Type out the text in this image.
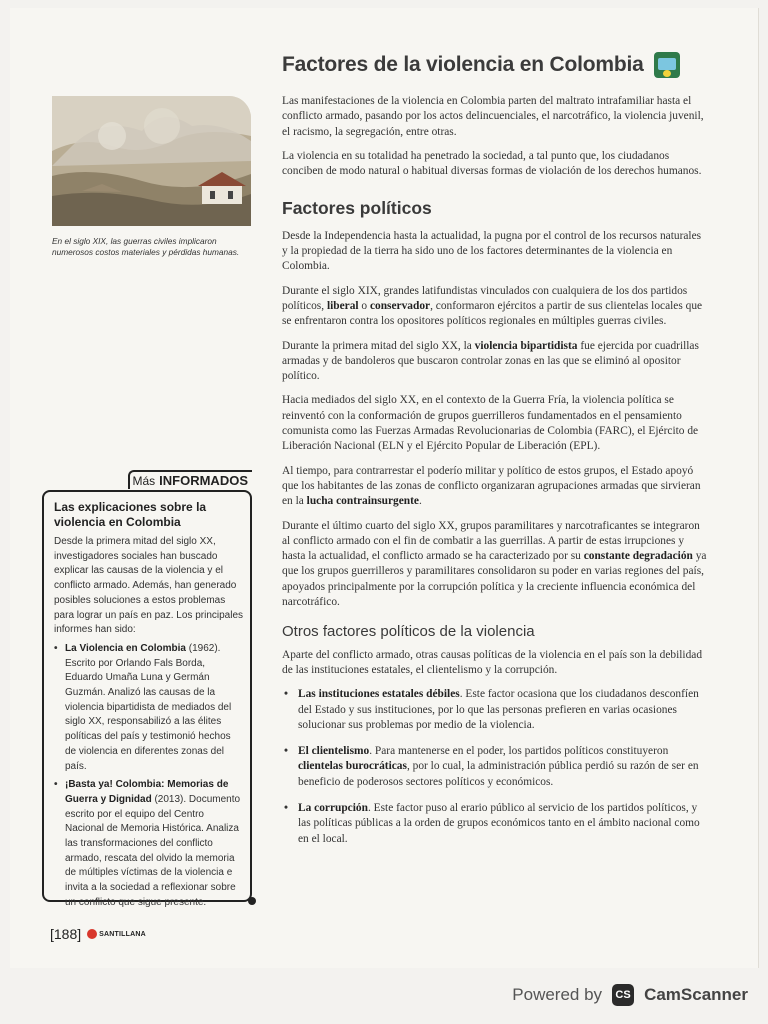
En el siglo XIX, las guerras civiles implicaron numerosos costos materiales y pérdidas humanas.
Más INFORMADOS
Las explicaciones sobre la violencia en Colombia

Desde la primera mitad del siglo XX, investigadores sociales han buscado explicar las causas de la violencia y el conflicto armado. Además, han generado posibles soluciones a estos problemas para lograr un país en paz. Los principales informes han sido:

• La Violencia en Colombia (1962). Escrito por Orlando Fals Borda, Eduardo Umaña Luna y Germán Guzmán. Analizó las causas de la violencia bipartidista de mediados del siglo XX, responsabilizó a las élites políticas del país y testimonió hechos de violencia en diferentes zonas del país.
• ¡Basta ya! Colombia: Memorias de Guerra y Dignidad (2013). Documento escrito por el equipo del Centro Nacional de Memoria Histórica. Analiza las transformaciones del conflicto armado, rescata del olvido la memoria de múltiples víctimas de la violencia e invita a la sociedad a reflexionar sobre un conflicto que sigue presente.
[188]	SANTILLANA
Factores de la violencia en Colombia

Las manifestaciones de la violencia en Colombia parten del maltrato intrafamiliar hasta el conflicto armado, pasando por los actos delincuenciales, el narcotráfico, la violencia juvenil, el racismo, la segregación, entre otras.

La violencia en su totalidad ha penetrado la sociedad, a tal punto que, los ciudadanos conciben de modo natural o habitual diversas formas de violación de los derechos humanos.

Factores políticos

Desde la Independencia hasta la actualidad, la pugna por el control de los recursos naturales y la propiedad de la tierra ha sido uno de los factores determinantes de la violencia en Colombia.

Durante el siglo XIX, grandes latifundistas vinculados con cualquiera de los dos partidos políticos, liberal o conservador, conformaron ejércitos a partir de sus clientelas locales que se enfrentaron contra los opositores políticos regionales en múltiples guerras civiles.

Durante la primera mitad del siglo XX, la violencia bipartidista fue ejercida por cuadrillas armadas y de bandoleros que buscaron controlar zonas en las que se eliminó al opositor político.

Hacia mediados del siglo XX, en el contexto de la Guerra Fría, la violencia política se reinventó con la conformación de grupos guerrilleros fundamentados en el pensamiento comunista como las Fuerzas Armadas Revolucionarias de Colombia (FARC), el Ejército de Liberación Nacional (ELN y el Ejército Popular de Liberación (EPL).

Al tiempo, para contrarrestar el poderío militar y político de estos grupos, el Estado apoyó que los habitantes de las zonas de conflicto organizaran agrupaciones armadas que sirvieran en la lucha contrainsurgente.

Durante el último cuarto del siglo XX, grupos paramilitares y narcotraficantes se integraron al conflicto armado con el fin de combatir a las guerrillas. A partir de estas irrupciones y hasta la actualidad, el conflicto armado se ha caracterizado por su constante degradación ya que los grupos guerrilleros y paramilitares consolidaron su poder en varias regiones del país, apoyados principalmente por la corrupción política y la creciente influencia económica del narcotráfico.

Otros factores políticos de la violencia

Aparte del conflicto armado, otras causas políticas de la violencia en el país son la debilidad de las instituciones estatales, el clientelismo y la corrupción.

• Las instituciones estatales débiles. Este factor ocasiona que los ciudadanos desconfíen del Estado y sus instituciones, por lo que las personas prefieren en varias ocasiones solucionar sus problemas por medio de la violencia.
• El clientelismo. Para mantenerse en el poder, los partidos políticos constituyeron clientelas burocráticas, por lo cual, la administración pública perdió su razón de ser en beneficio de poderosos sectores políticos y económicos.
• La corrupción. Este factor puso al erario público al servicio de los partidos políticos, y las políticas públicas a la orden de grupos económicos tanto en el ámbito nacional como en el local.
Powered by	CS CamScanner
